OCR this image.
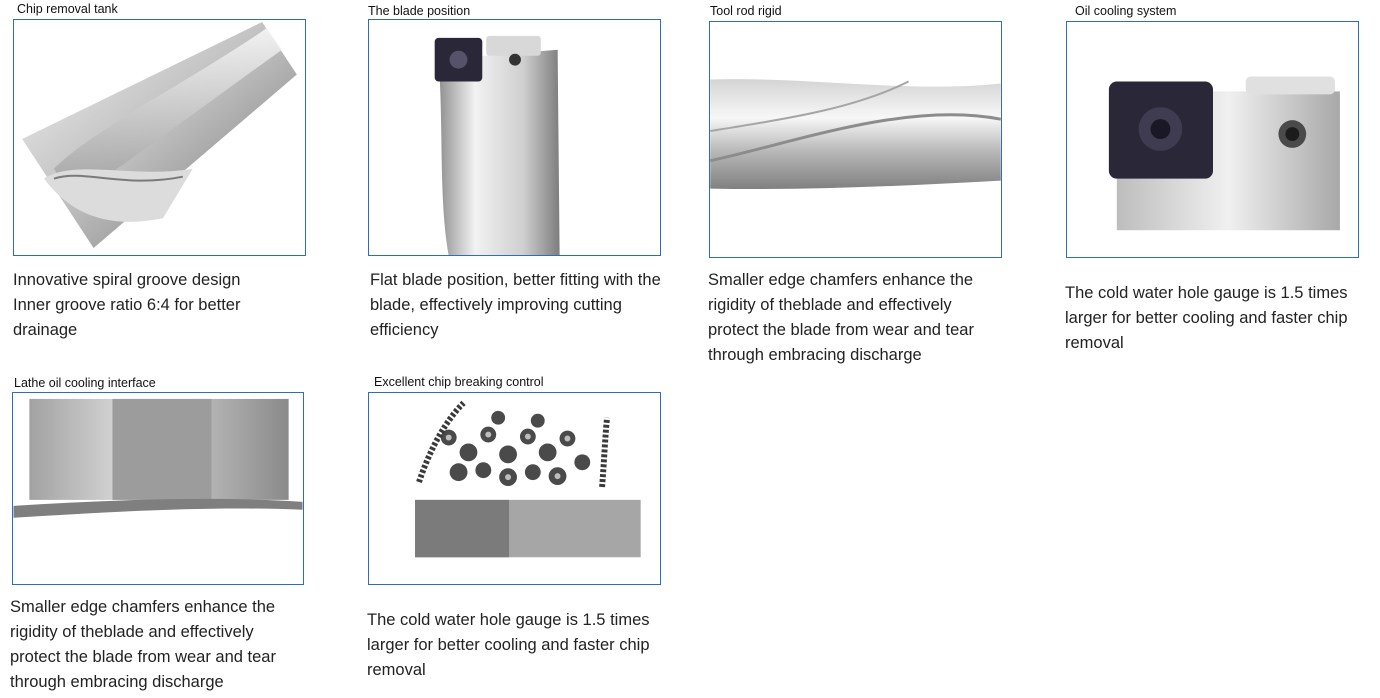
Chip removal tank
Innovative spiral groove design
Inner groove ratio 6:4 for better
drainage
The blade position
Flat blade position, better fitting with the
blade, effectively improving cutting
efficiency
Tool rod rigid
Smaller edge chamfers enhance the
rigidity of theblade and effectively
protect the blade from wear and tear
through embracing discharge
Oil cooling system
The cold water hole gauge is 1.5 times
larger for better cooling and faster chip
removal
Lathe oil cooling interface
Smaller edge chamfers enhance the
rigidity of theblade and effectively
protect the blade from wear and tear
through embracing discharge
Excellent chip breaking control
The cold water hole gauge is 1.5 times
larger for better cooling and faster chip
removal
